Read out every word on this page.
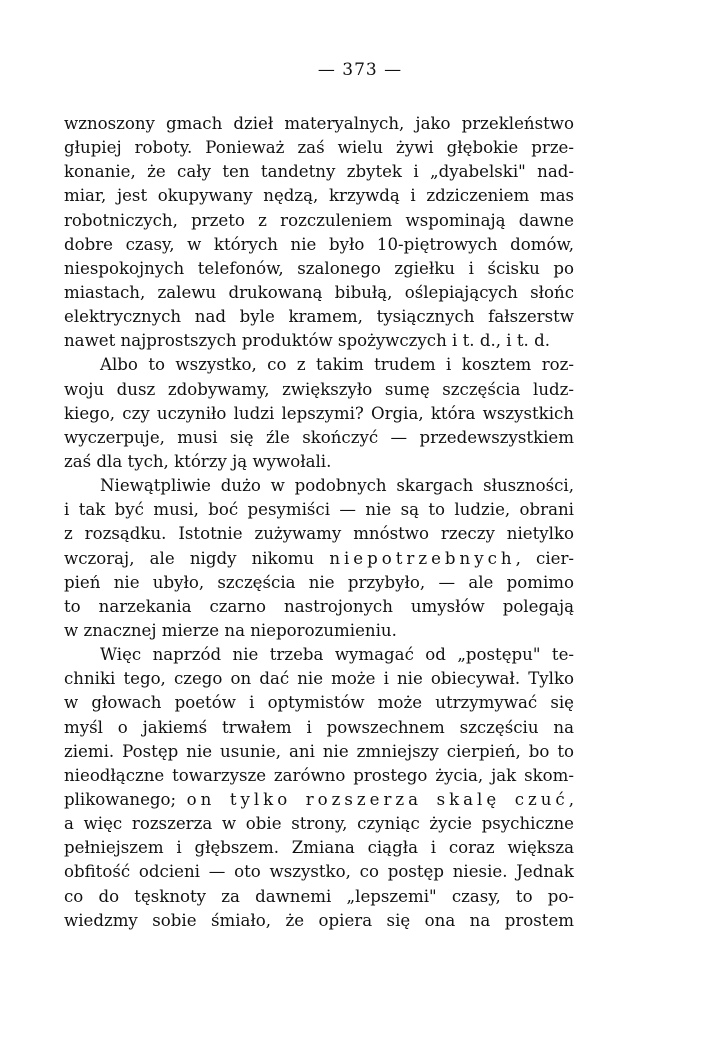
— 373 —
wznoszony gmach dzieł materyalnych, jako przekleństwo
głupiej roboty. Ponieważ zaś wielu żywi głębokie prze‑
konanie, że cały ten tandetny zbytek i „dyabelski" nad‑
miar, jest okupywany nędzą, krzywdą i zdziczeniem mas
robotniczych, przeto z rozczuleniem wspominają dawne
dobre czasy, w których nie było 10‑piętrowych domów,
niespokojnych telefonów, szalonego zgiełku i ścisku po
miastach, zalewu drukowaną bibułą, oślepiających słońc
elektrycznych nad byle kramem, tysiącznych fałszerstw
nawet najprostszych produktów spożywczych i t. d., i t. d.
Albo to wszystko, co z takim trudem i kosztem roz‑
woju dusz zdobywamy, zwiększyło sumę szczęścia ludz‑
kiego, czy uczyniło ludzi lepszymi? Orgia, która wszystkich
wyczerpuje, musi się źle skończyć — przedewszystkiem
zaś dla tych, którzy ją wywołali.
Niewątpliwie dużo w podobnych skargach słuszności,
i tak być musi, boć pesymiści — nie są to ludzie, obrani
z rozsądku. Istotnie zużywamy mnóstwo rzeczy nietylko
wczoraj, ale nigdy nikomu niepotrzebnych, cier‑
pień nie ubyło, szczęścia nie przybyło, — ale pomimo
to narzekania czarno nastrojonych umysłów polegają
w znacznej mierze na nieporozumieniu.
Więc naprzód nie trzeba wymagać od „postępu" te‑
chniki tego, czego on dać nie może i nie obiecywał. Tylko
w głowach poetów i optymistów może utrzymywać się
myśl o jakiemś trwałem i powszechnem szczęściu na
ziemi. Postęp nie usunie, ani nie zmniejszy cierpień, bo to
nieodłączne towarzysze zarówno prostego życia, jak skom‑
plikowanego; on tylko rozszerza skalę czuć,
a więc rozszerza w obie strony, czyniąc życie psychiczne
pełniejszem i głębszem. Zmiana ciągła i coraz większa
obfitość odcieni — oto wszystko, co postęp niesie. Jednak
co do tęsknoty za dawnemi „lepszemi" czasy, to po‑
wiedzmy sobie śmiało, że opiera się ona na prostem
